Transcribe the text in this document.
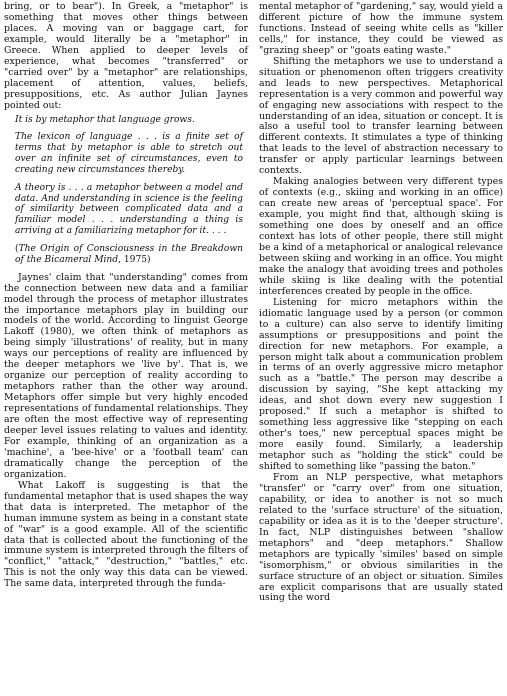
bring, or to bear"). In Greek, a "metaphor" is something that moves other things between places. A moving van or baggage cart, for example, would literally be a "metaphor" in Greece. When applied to deeper levels of experience, what becomes "transferred" or "carried over" by a "metaphor" are relationships, placement of attention, values, beliefs, presuppositions, etc. As author Julian Jaynes pointed out:

It is by metaphor that language grows.

The lexicon of language . . . is a finite set of terms that by metaphor is able to stretch out over an infinite set of circumstances, even to creating new circumstances thereby.

A theory is . . . a metaphor between a model and data. And understanding in science is the feeling of similarity between complicated data and a familiar model . . . understanding a thing is arriving at a familiarizing metaphor for it. . . .

(The Origin of Consciousness in the Breakdown of the Bicameral Mind, 1975)

Jaynes' claim that "understanding" comes from the connection between new data and a familiar model through the process of metaphor illustrates the importance metaphors play in building our models of the world. According to linguist George Lakoff (1980), we often think of metaphors as being simply 'illustrations' of reality, but in many ways our perceptions of reality are influenced by the deeper metaphors we 'live by'. That is, we organize our perception of reality according to metaphors rather than the other way around. Metaphors offer simple but very highly encoded representations of fundamental relationships. They are often the most effective way of representing deeper level issues relating to values and identity. For example, thinking of an organization as a 'machine', a 'bee-hive' or a 'football team' can dramatically change the perception of the organization.

What Lakoff is suggesting is that the fundamental metaphor that is used shapes the way that data is interpreted. The metaphor of the human immune system as being in a constant state of "war" is a good example. All of the scientific data that is collected about the functioning of the immune system is interpreted through the filters of "conflict," "attack," "destruction," "battles," etc. This is not the only way this data can be viewed. The same data, interpreted through the funda-

mental metaphor of "gardening," say, would yield a different picture of how the immune system functions. Instead of seeing white cells as "killer cells," for instance, they could be viewed as "grazing sheep" or "goats eating waste."

Shifting the metaphors we use to understand a situation or phenomenon often triggers creativity and leads to new perspectives. Metaphorical representation is a very common and powerful way of engaging new associations with respect to the understanding of an idea, situation or concept. It is also a useful tool to transfer learning between different contexts. It stimulates a type of thinking that leads to the level of abstraction necessary to transfer or apply particular learnings between contexts.

Making analogies between very different types of contexts (e.g., skiing and working in an office) can create new areas of 'perceptual space'. For example, you might find that, although skiing is something one does by oneself and an office context has lots of other people, there still might be a kind of a metaphorical or analogical relevance between skiing and working in an office. You might make the analogy that avoiding trees and potholes while skiing is like dealing with the potential interferences created by people in the office.

Listening for micro metaphors within the idiomatic language used by a person (or common to a culture) can also serve to identify limiting assumptions or presuppositions and point the direction for new metaphors. For example, a person might talk about a communication problem in terms of an overly aggressive micro metaphor such as a "battle." The person may describe a discussion by saying, "She kept attacking my ideas, and shot down every new suggestion I proposed." If such a metaphor is shifted to something less aggressive like "stepping on each other's toes," new perceptual spaces might be more easily found. Similarly, a leadership metaphor such as "holding the stick" could be shifted to something like "passing the baton."

From an NLP perspective, what metaphors "transfer" or "carry over" from one situation, capability, or idea to another is not so much related to the 'surface structure' of the situation, capability or idea as it is to the 'deeper structure'. In fact, NLP distinguishes between "shallow metaphors" and "deep metaphors." Shallow metaphors are typically 'similes' based on simple "isomorphism," or obvious similarities in the surface structure of an object or situation. Similes are explicit comparisons that are usually stated using the word
